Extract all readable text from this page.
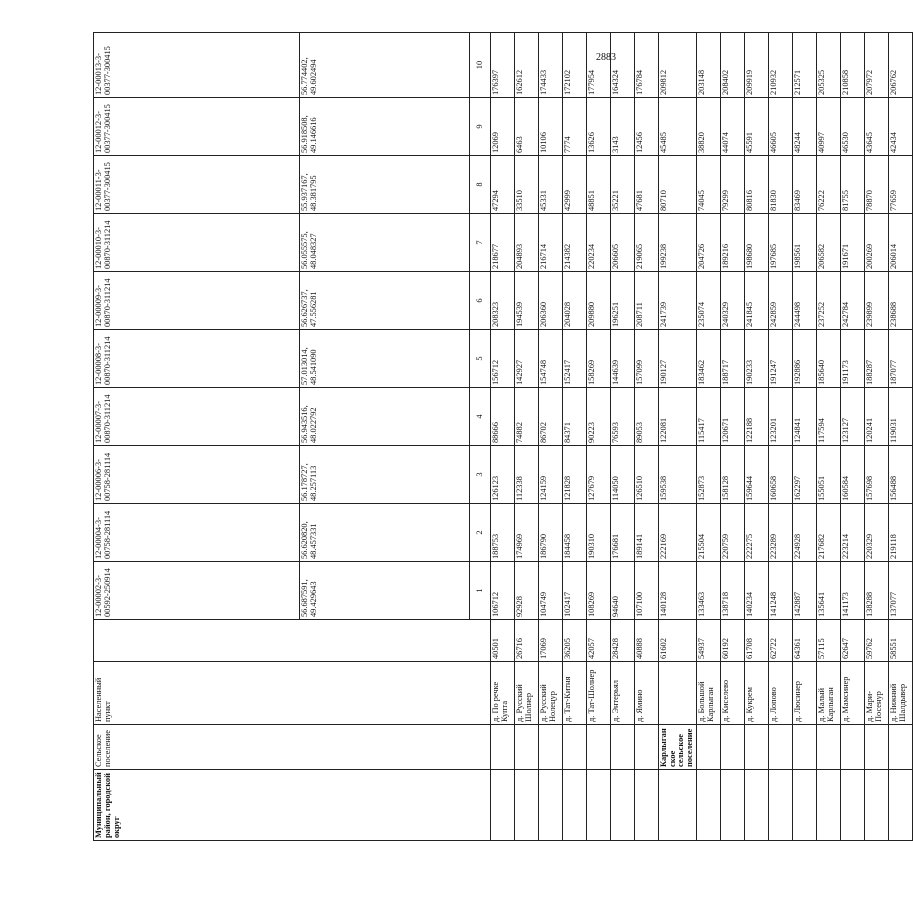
2883
Муниципальный район, городской округ	Сельское поселение	Населенный пункт		12-00002-3-00592-250914	12-00004-3-00758-281114	12-00006-3-00758-281114	12-00007-3-00870-311214	12-00008-3-00870-311214	12-00009-3-00870-311214	12-00010-3-00870-311214	12-00011-3-00377-300415	12-00012-3-00377-300415	12-00013-3-00377-300415	
				56.687591, 49.429643	56.620820, 48.457331	56.178727, 48.257113	56.943516, 48.022792	57.013014, 48.541090	56.626737, 47.556281	56.055575, 48.048327	55.937167, 48.381795	56.918508, 49.146616	56.774402, 49.602494	
				1	2	3	4	5	6	7	8	9	10	
		д. По речке Купта	40501	106712	188753	126123	88666	156712	208323	218677	47294	12069	176397	
		д. Русский Шолнер	26716	92928	174969	112338	74882	142927	194539	204893	33510	6463	162612	
		д. Русский Нолецур	17069	104749	186790	124159	86702	154748	206360	216714	45331	10106	174433	
		д. Тат-Китня	36205	102417	184458	121828	84371	152417	204028	214382	42999	7774	172102	
		д. Тат-Шолнер	42057	108269	190310	127679	90223	158269	209880	220234	48851	13626	177954	
		д. Энтерьял	28428	94640	176681	114050	76593	144639	196251	206605	35221	3143	164324	
		д. Ямино	40888	107100	189141	126510	89053	157099	208711	219065	47681	12456	176784	
	Карлыганское сельское поселение		61602	140128	222169	159538	122081	190127	241739	199238	80710	45485	209812	
		д. Большой Карлыган	54937	133463	215504	152873	115417	183462	235074	204726	74045	38820	203148	
		д. Киселево	60192	138718	220759	158128	120671	188717	240329	189216	79299	44074	208402	
		д. Кукрем	61708	140234	222275	159644	122188	190233	241845	198680	80816	45591	209919	
		д. Лопово	62722	141248	223289	160658	123201	191247	242859	197685	81830	46605	210932	
		д. Люсинер	64361	142887	224928	162297	124841	192886	244498	198561	83469	48244	212571	
		д. Малый Карлыган	57115	135641	217682	155051	117594	185640	237252	206582	76222	40997	205325	
		д. Мамсинер	62647	141173	223214	160584	123127	191173	242784	191671	81755	46530	210858	
		д. Мари-Посенур	59762	138288	220329	157698	120241	188287	239899	200269	78870	43645	207972	
		д. Нижний Шалдывер	58551	137077	219118	156488	119031	187077	238688	206014	77659	42434	206762	
